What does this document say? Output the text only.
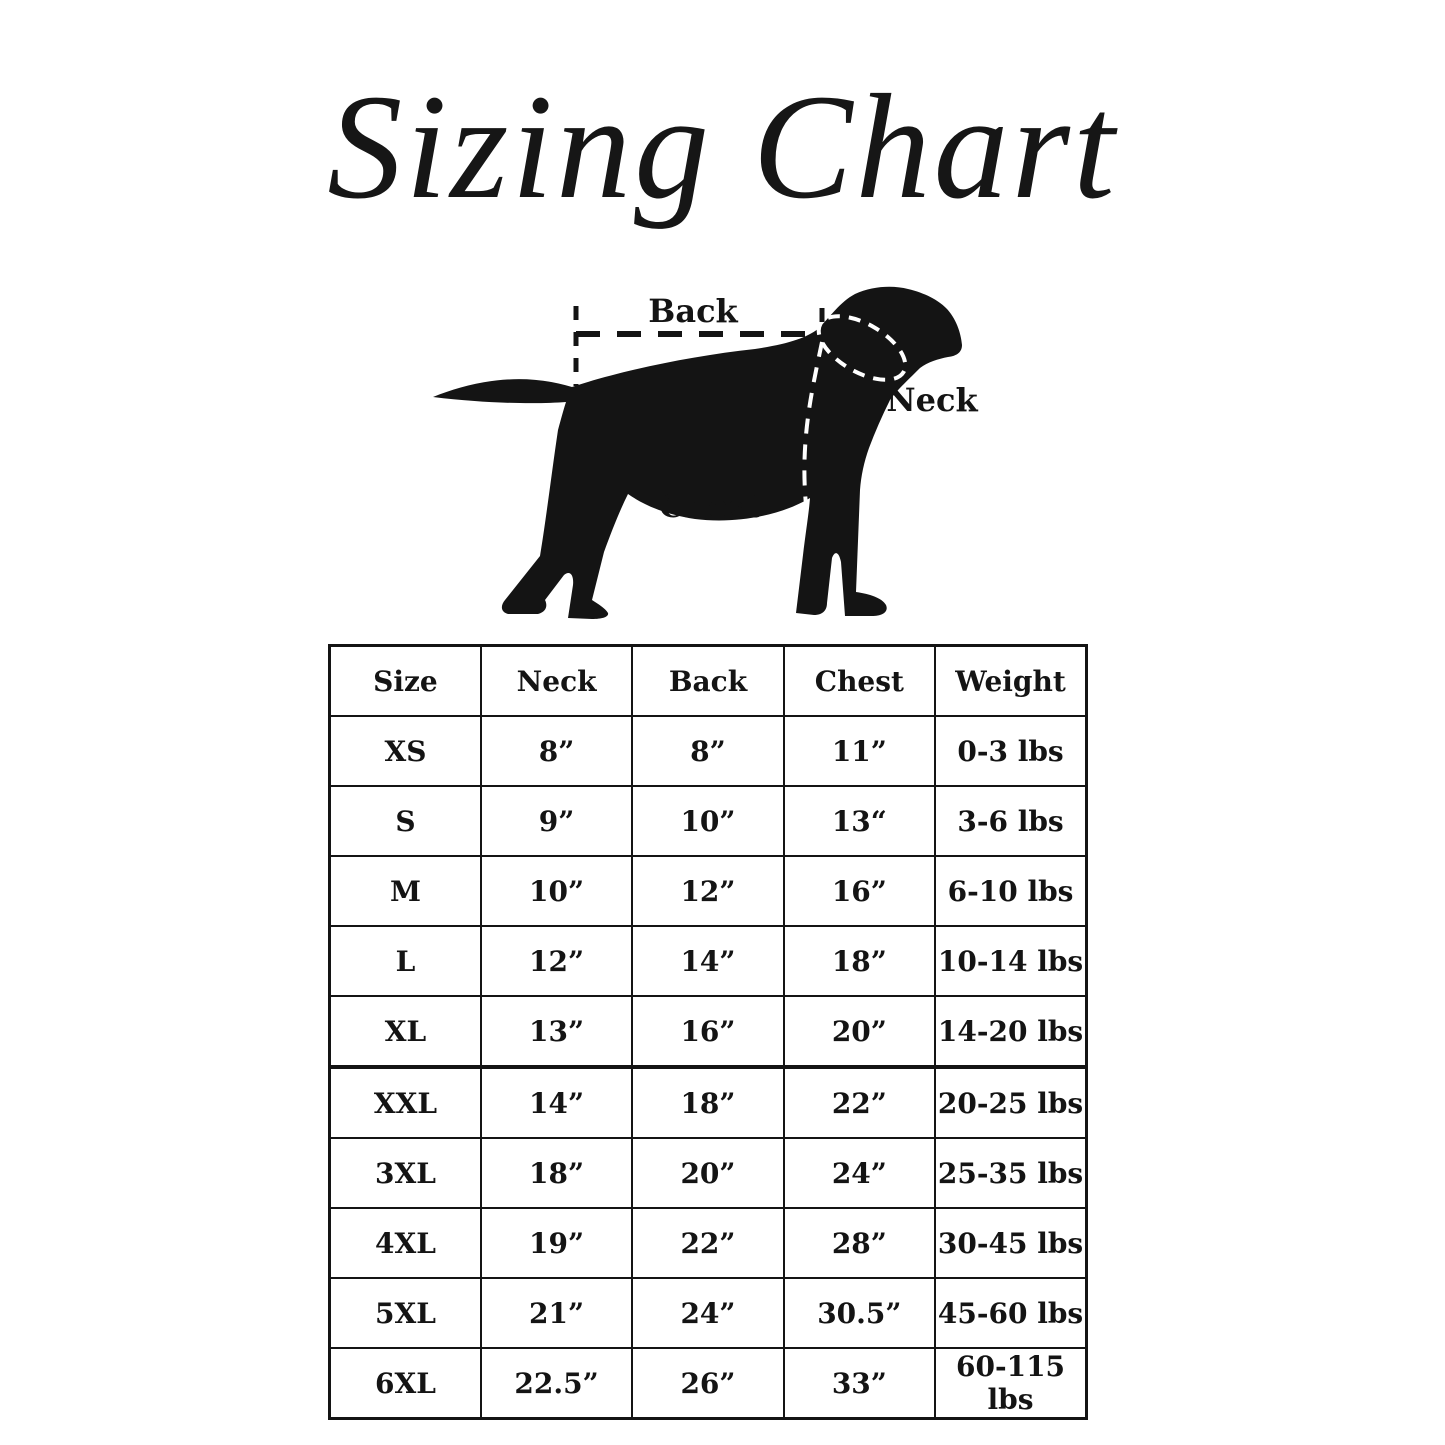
Sizing Chart
Back
Neck
Chest
Size	Neck	Back	Chest	Weight
XS	8”	8”	11”	0-3 lbs
S	9”	10”	13“	3-6 lbs
M	10”	12”	16”	6-10 lbs
L	12”	14”	18”	10-14 lbs
XL	13”	16”	20”	14-20 lbs
XXL	14”	18”	22”	20-25 lbs
3XL	18”	20”	24”	25-35 lbs
4XL	19”	22”	28”	30-45 lbs
5XL	21”	24”	30.5”	45-60 lbs
6XL	22.5”	26”	33”	60-115 lbs
